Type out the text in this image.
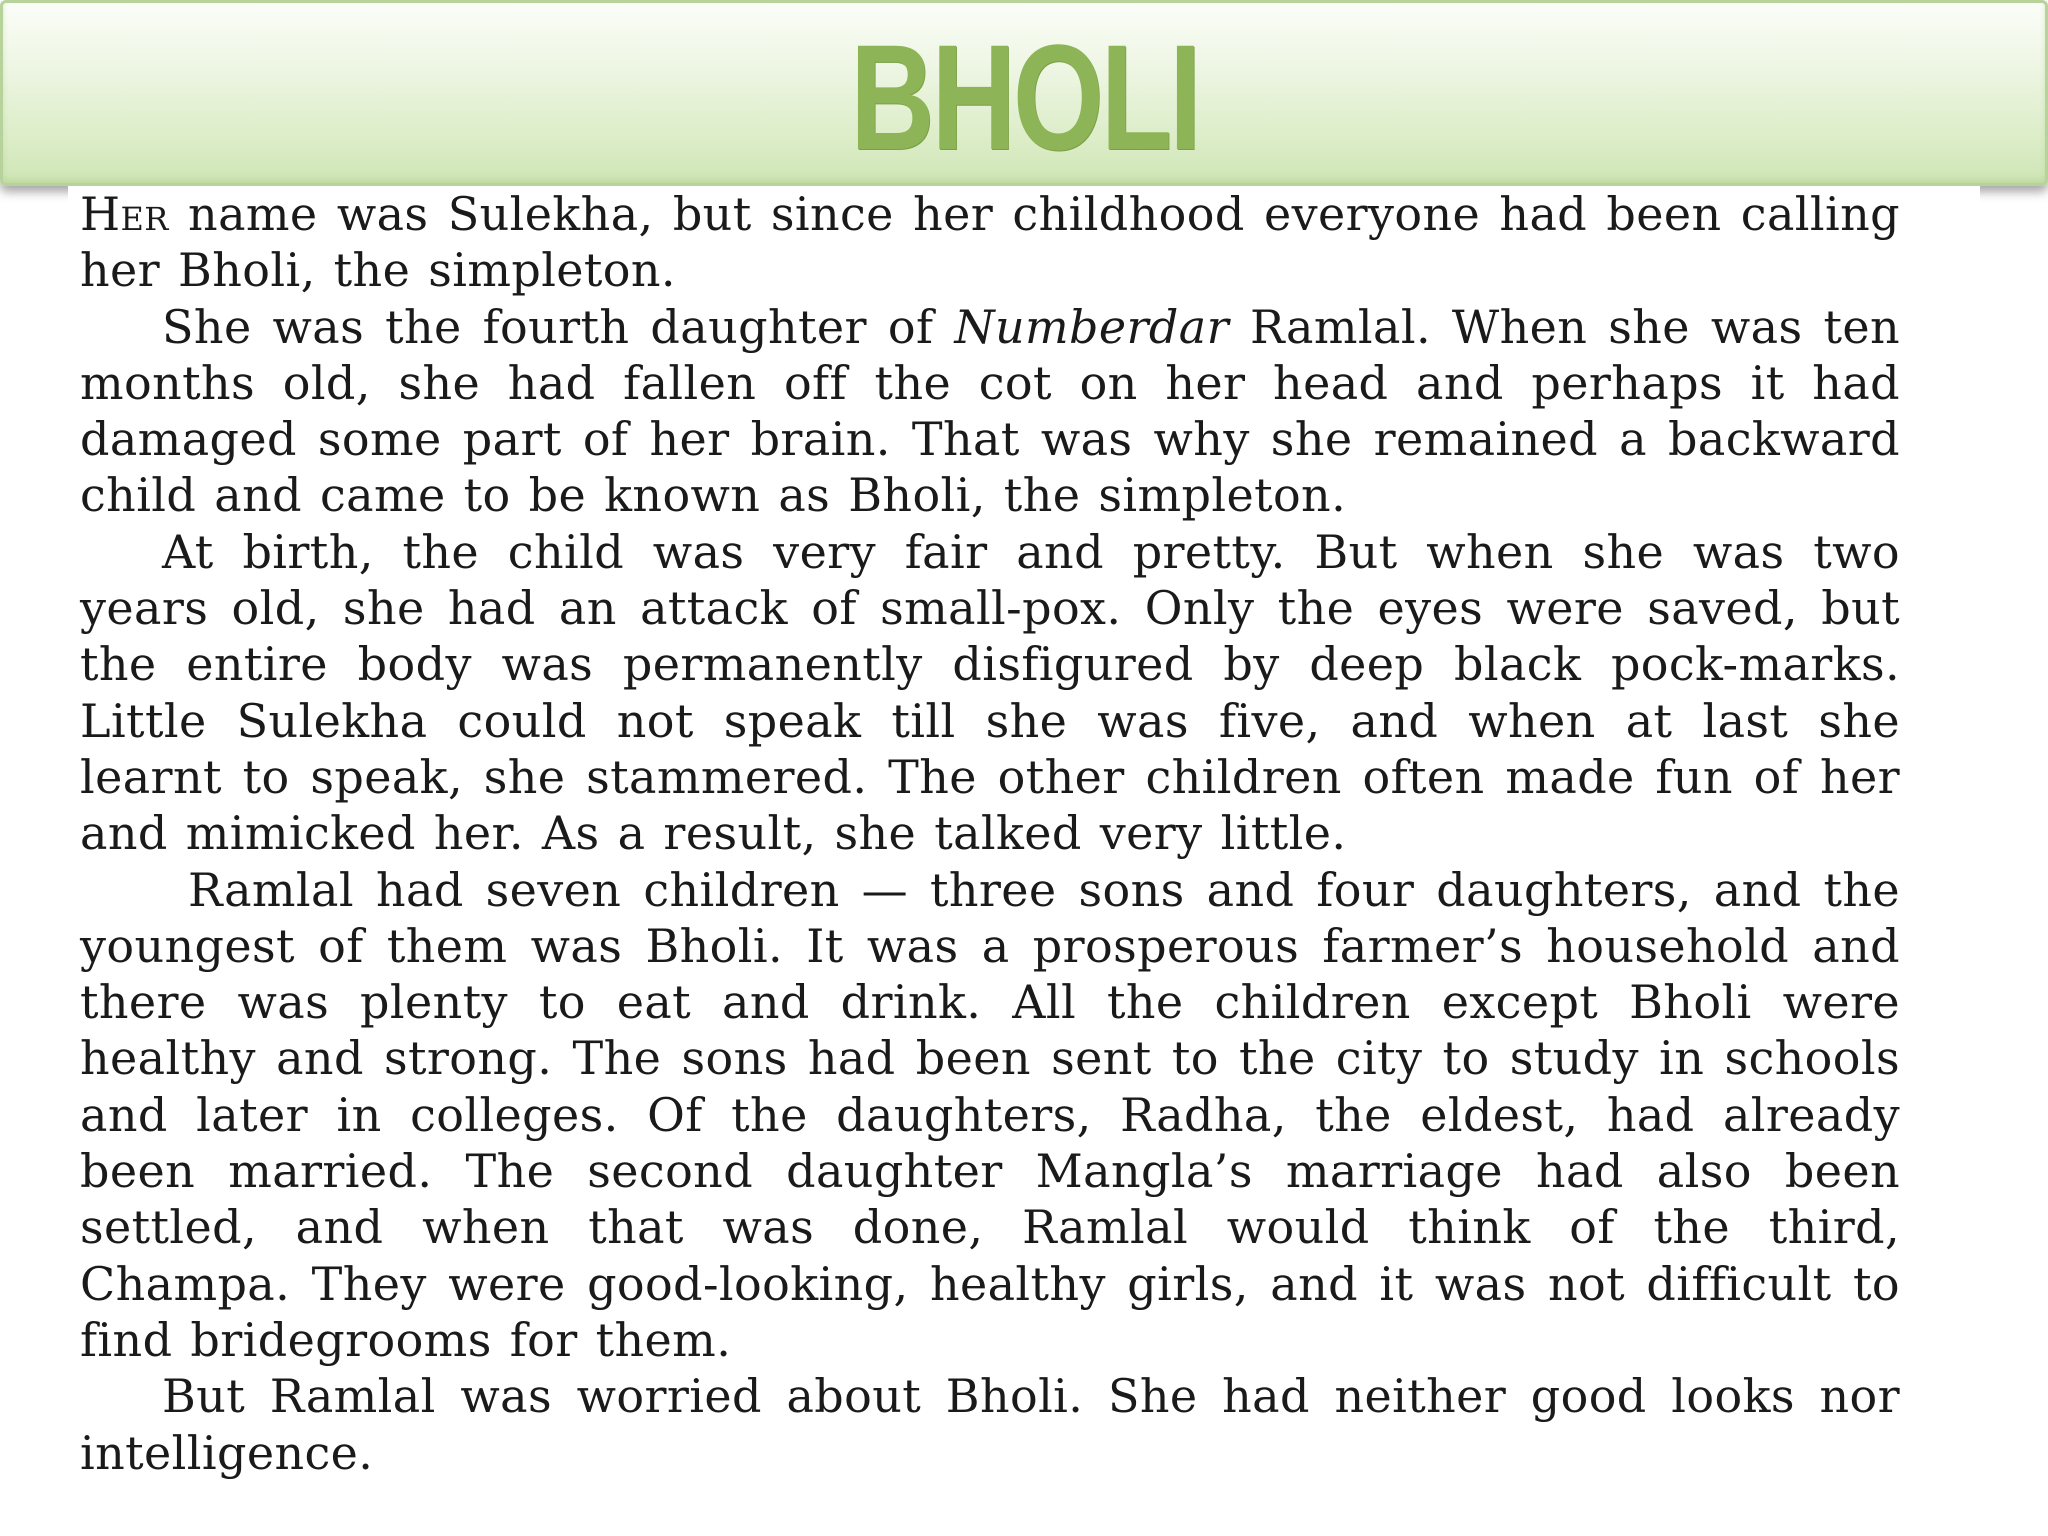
BHOLI

Her name was Sulekha, but since her childhood everyone had been calling her Bholi, the simpleton.

She was the fourth daughter of Numberdar Ramlal. When she was ten months old, she had fallen off the cot on her head and perhaps it had damaged some part of her brain. That was why she remained a backward child and came to be known as Bholi, the simpleton.

At birth, the child was very fair and pretty. But when she was two years old, she had an attack of small-pox. Only the eyes were saved, but the entire body was permanently disfigured by deep black pock-marks. Little Sulekha could not speak till she was five, and when at last she learnt to speak, she stammered. The other children often made fun of her and mimicked her. As a result, she talked very little.

Ramlal had seven children — three sons and four daughters, and the youngest of them was Bholi. It was a prosperous farmer’s household and there was plenty to eat and drink. All the children except Bholi were healthy and strong. The sons had been sent to the city to study in schools and later in colleges. Of the daughters, Radha, the eldest, had already been married. The second daughter Mangla’s marriage had also been settled, and when that was done, Ramlal would think of the third, Champa. They were good-looking, healthy girls, and it was not difficult to find bridegrooms for them.

But Ramlal was worried about Bholi. She had neither good looks nor intelligence.
